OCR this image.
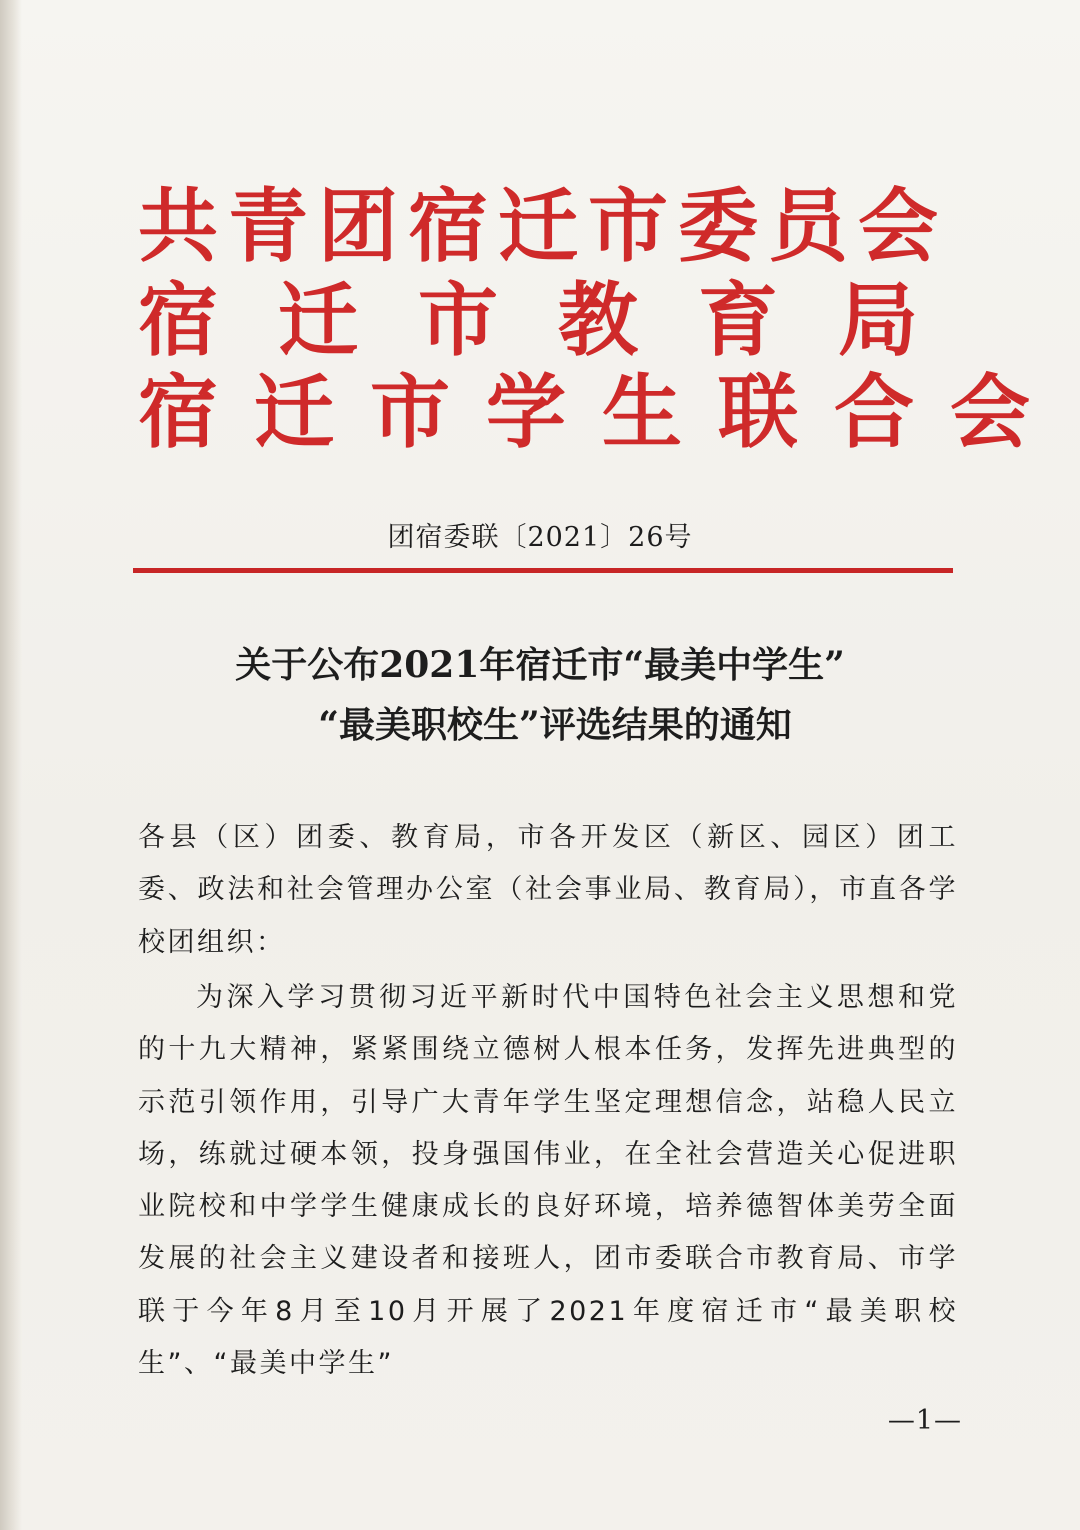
共青团宿迁市委员会
宿迁市教育局
宿迁市学生联合会
团宿委联〔2021〕26号
关于公布2021年宿迁市“最美中学生”
“最美职校生”评选结果的通知
各县（区）团委、教育局，市各开发区（新区、园区）团工委、政法和社会管理办公室（社会事业局、教育局），市直各学校团组织：
为深入学习贯彻习近平新时代中国特色社会主义思想和党的十九大精神，紧紧围绕立德树人根本任务，发挥先进典型的示范引领作用，引导广大青年学生坚定理想信念，站稳人民立场，练就过硬本领，投身强国伟业，在全社会营造关心促进职业院校和中学学生健康成长的良好环境，培养德智体美劳全面发展的社会主义建设者和接班人，团市委联合市教育局、市学联于今年8月至10月开展了2021年度宿迁市“最美职校生”、“最美中学生”
—1—
